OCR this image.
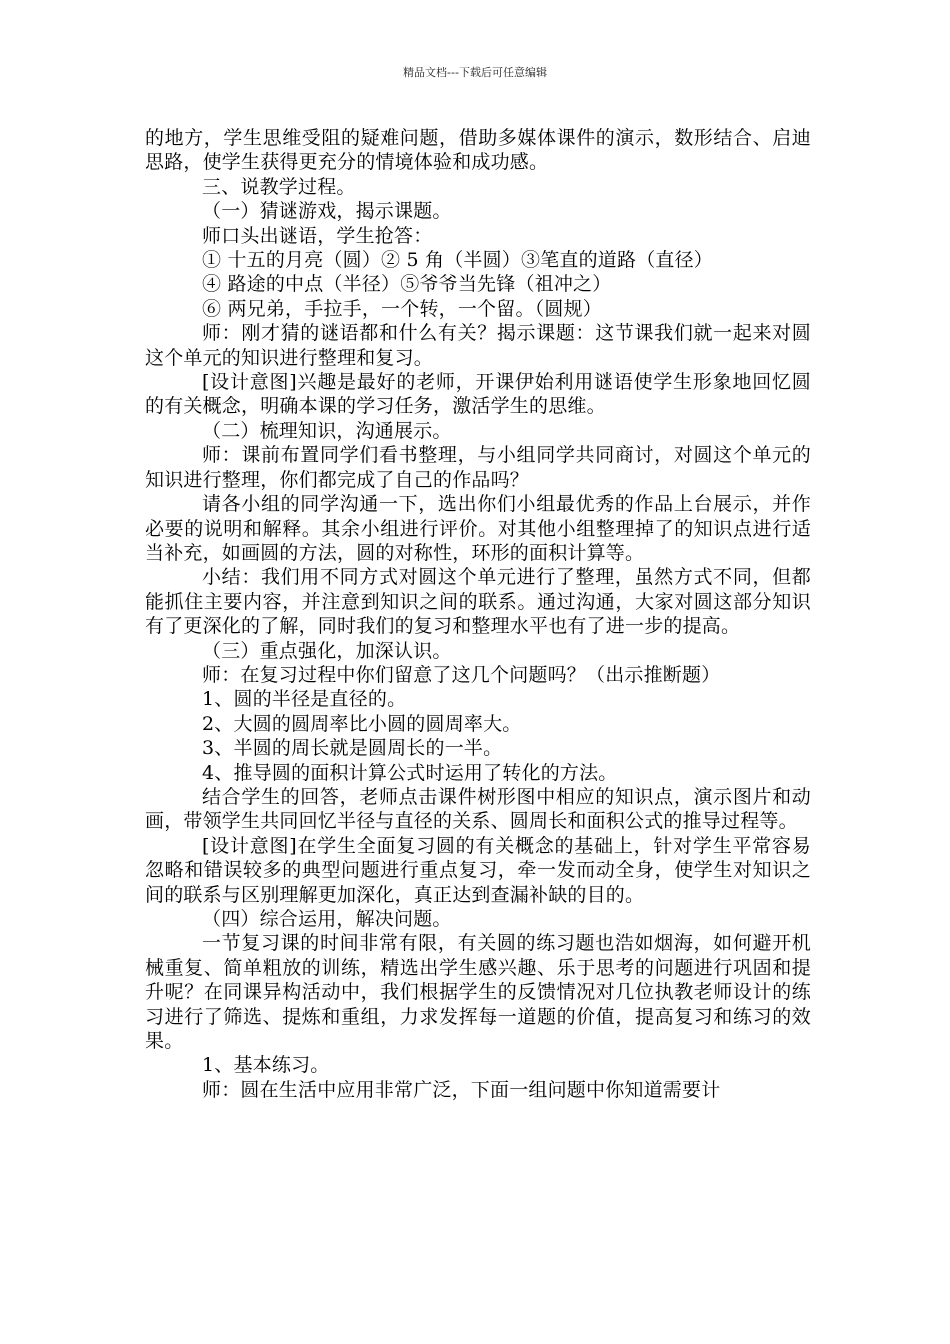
精品文档---下载后可任意编辑

的地方，学生思维受阻的疑难问题，借助多媒体课件的演示，数形结合、启迪思路，使学生获得更充分的情境体验和成功感。

三、说教学过程。

（一）猜谜游戏，揭示课题。

师口头出谜语，学生抢答：

① 十五的月亮（圆）② 5 角（半圆）③笔直的道路（直径）

④ 路途的中点（半径）⑤爷爷当先锋（祖冲之）

⑥ 两兄弟，手拉手，一个转，一个留。（圆规）

师：刚才猜的谜语都和什么有关？揭示课题：这节课我们就一起来对圆这个单元的知识进行整理和复习。

[设计意图]兴趣是最好的老师，开课伊始利用谜语使学生形象地回忆圆的有关概念，明确本课的学习任务，激活学生的思维。

（二）梳理知识，沟通展示。

师：课前布置同学们看书整理，与小组同学共同商讨，对圆这个单元的知识进行整理，你们都完成了自己的作品吗？

请各小组的同学沟通一下，选出你们小组最优秀的作品上台展示，并作必要的说明和解释。其余小组进行评价。对其他小组整理掉了的知识点进行适当补充，如画圆的方法，圆的对称性，环形的面积计算等。

小结：我们用不同方式对圆这个单元进行了整理，虽然方式不同，但都能抓住主要内容，并注意到知识之间的联系。通过沟通，大家对圆这部分知识有了更深化的了解，同时我们的复习和整理水平也有了进一步的提高。

（三）重点强化，加深认识。

师：在复习过程中你们留意了这几个问题吗？（出示推断题）

1、圆的半径是直径的。

2、大圆的圆周率比小圆的圆周率大。

3、半圆的周长就是圆周长的一半。

4、推导圆的面积计算公式时运用了转化的方法。

结合学生的回答，老师点击课件树形图中相应的知识点，演示图片和动画，带领学生共同回忆半径与直径的关系、圆周长和面积公式的推导过程等。

[设计意图]在学生全面复习圆的有关概念的基础上，针对学生平常容易忽略和错误较多的典型问题进行重点复习，牵一发而动全身，使学生对知识之间的联系与区别理解更加深化，真正达到查漏补缺的目的。

（四）综合运用，解决问题。

一节复习课的时间非常有限，有关圆的练习题也浩如烟海，如何避开机械重复、简单粗放的训练，精选出学生感兴趣、乐于思考的问题进行巩固和提升呢？在同课异构活动中，我们根据学生的反馈情况对几位执教老师设计的练习进行了筛选、提炼和重组，力求发挥每一道题的价值，提高复习和练习的效果。

1、基本练习。

师：圆在生活中应用非常广泛，下面一组问题中你知道需要计
